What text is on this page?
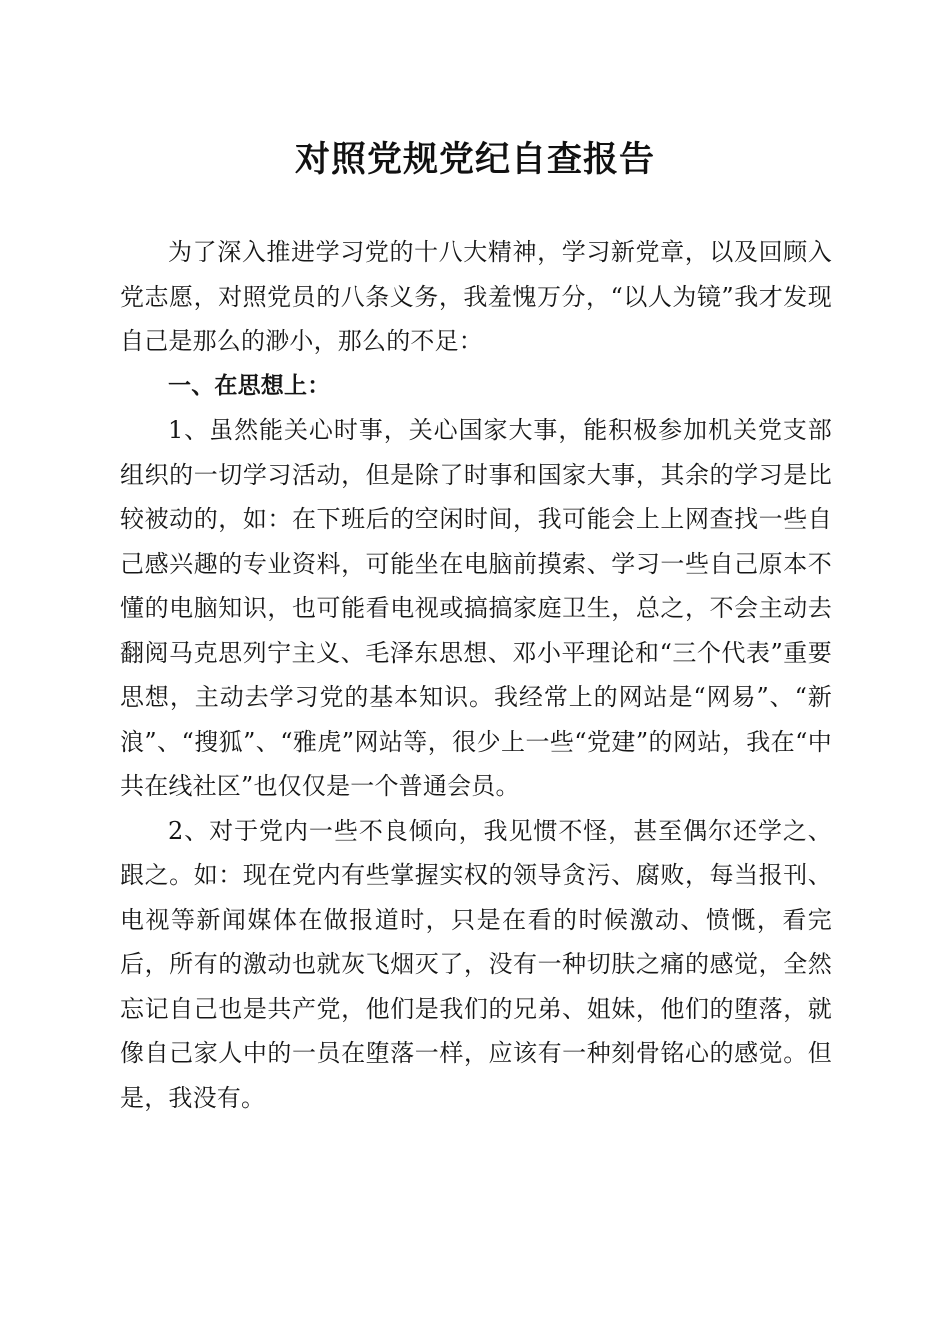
对照党规党纪自查报告

为了深入推进学习党的十八大精神，学习新党章，以及回顾入党志愿，对照党员的八条义务，我羞愧万分，“以人为镜”我才发现自己是那么的渺小，那么的不足：

一、在思想上：

1、虽然能关心时事，关心国家大事，能积极参加机关党支部组织的一切学习活动，但是除了时事和国家大事，其余的学习是比较被动的，如：在下班后的空闲时间，我可能会上上网查找一些自己感兴趣的专业资料，可能坐在电脑前摸索、学习一些自己原本不懂的电脑知识，也可能看电视或搞搞家庭卫生，总之，不会主动去翻阅马克思列宁主义、毛泽东思想、邓小平理论和“三个代表”重要思想，主动去学习党的基本知识。我经常上的网站是“网易”、“新浪”、“搜狐”、“雅虎”网站等，很少上一些“党建”的网站，我在“中共在线社区”也仅仅是一个普通会员。

2、对于党内一些不良倾向，我见惯不怪，甚至偶尔还学之、跟之。如：现在党内有些掌握实权的领导贪污、腐败，每当报刊、电视等新闻媒体在做报道时，只是在看的时候激动、愤慨，看完后，所有的激动也就灰飞烟灭了，没有一种切肤之痛的感觉，全然忘记自己也是共产党，他们是我们的兄弟、姐妹，他们的堕落，就像自己家人中的一员在堕落一样，应该有一种刻骨铭心的感觉。但是，我没有。
